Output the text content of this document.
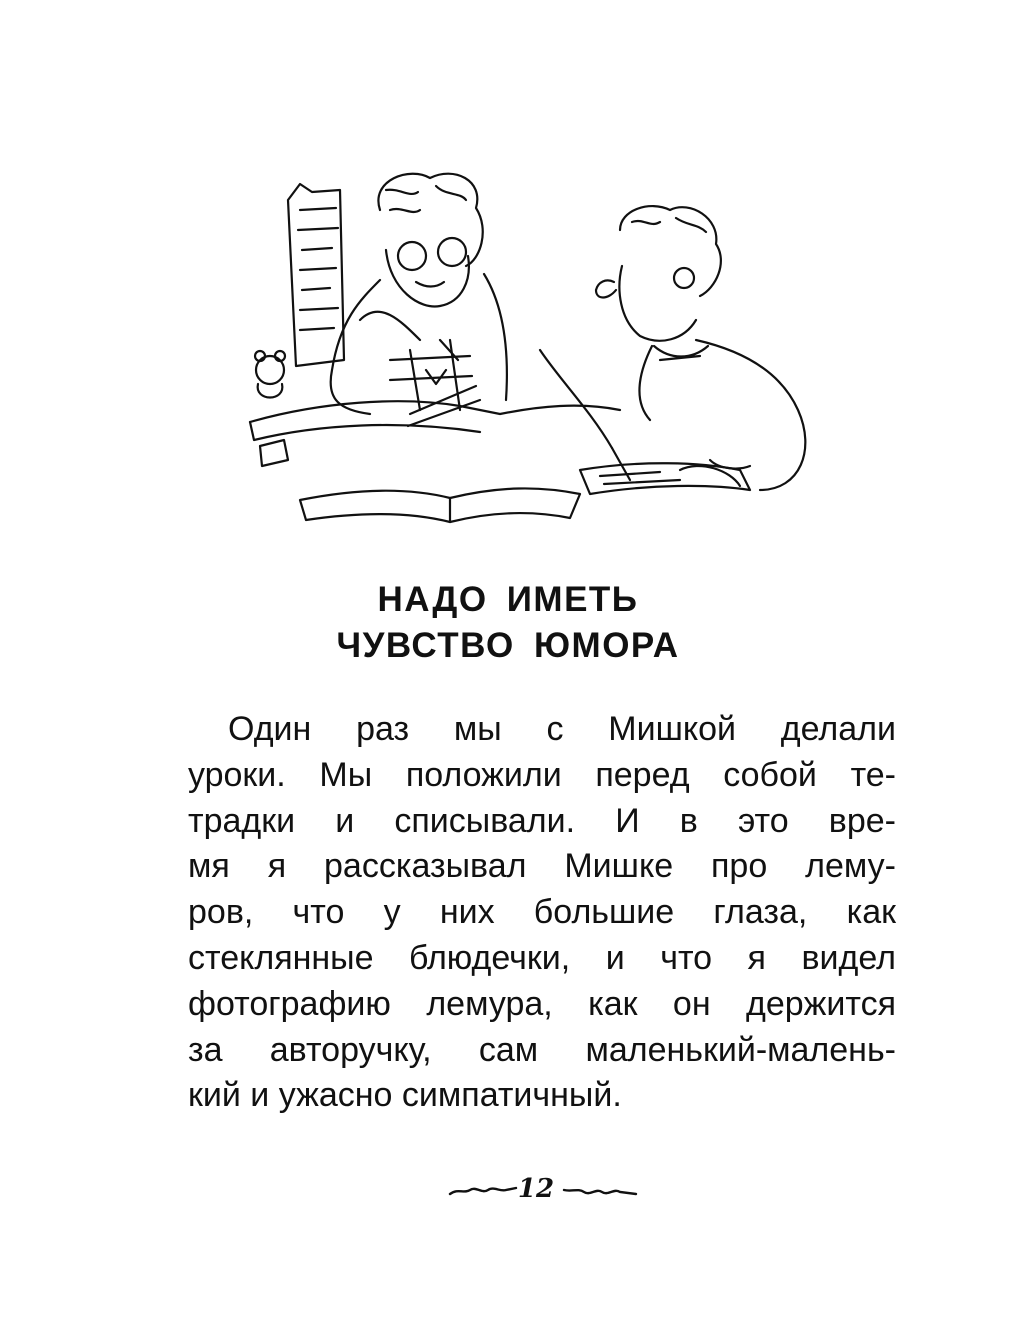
НАДО ИМЕТЬ
ЧУВСТВО ЮМОРА
Один раз мы с Мишкой делали
уроки. Мы положили перед собой те-
традки и списывали. И в это вре-
мя я рассказывал Мишке про лему-
ров, что у них большие глаза, как
стеклянные блюдечки, и что я видел
фотографию лемура, как он держится
за авторучку, сам маленький-малень-
кий и ужасно симпатичный.
12
